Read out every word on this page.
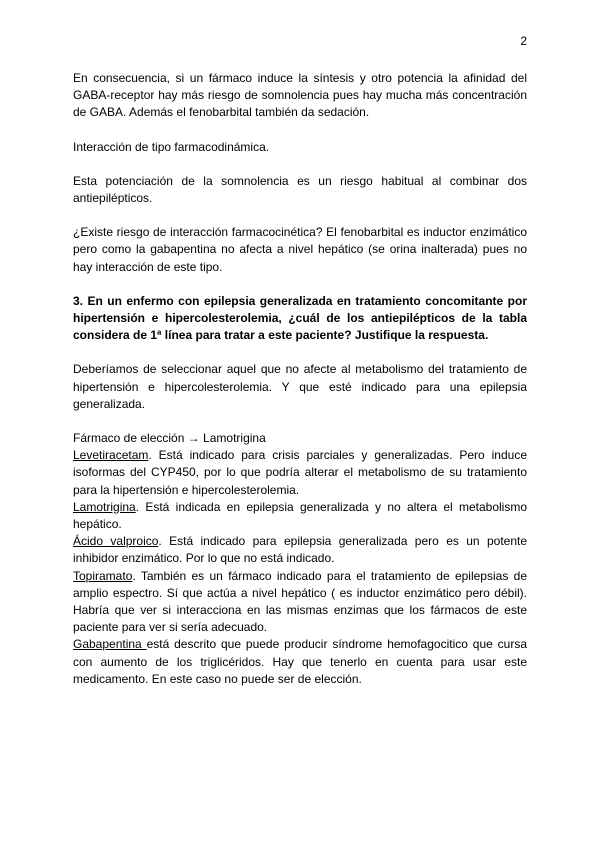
2

En consecuencia, si un fármaco induce la síntesis y otro potencia la afinidad del GABA-receptor hay más riesgo de somnolencia pues hay mucha más concentración de GABA. Además el fenobarbital también da sedación.

Interacción de tipo farmacodinámica.

Esta potenciación de la somnolencia es un riesgo habitual al combinar dos antiepilépticos.

¿Existe riesgo de interacción farmacocinética? El fenobarbital es inductor enzimático pero como la gabapentina no afecta a nivel hepático (se orina inalterada) pues no hay interacción de este tipo.

3. En un enfermo con epilepsia generalizada en tratamiento concomitante por hipertensión e hipercolesterolemia, ¿cuál de los antiepilépticos de la tabla considera de 1ª línea para tratar a este paciente? Justifique la respuesta.

Deberíamos de seleccionar aquel que no afecte al metabolismo del tratamiento de hipertensión e hipercolesterolemia. Y que esté indicado para una epilepsia generalizada.

Fármaco de elección → Lamotrigina

Levetiracetam. Está indicado para crisis parciales y generalizadas. Pero induce isoformas del CYP450, por lo que podría alterar el metabolismo de su tratamiento para la hipertensión e hipercolesterolemia.

Lamotrigina. Está indicada en epilepsia generalizada y no altera el metabolismo hepático.

Ácido valproico. Está indicado para epilepsia generalizada pero es un potente inhibidor enzimático. Por lo que no está indicado.

Topiramato. También es un fármaco indicado para el tratamiento de epilepsias de amplio espectro. Sí que actúa a nivel hepático ( es inductor enzimático pero débil). Habría que ver si interacciona en las mismas enzimas que los fármacos de este paciente para ver si sería adecuado.

Gabapentina está descrito que puede producir síndrome hemofagocitico que cursa con aumento de los triglicéridos. Hay que tenerlo en cuenta para usar este medicamento. En este caso no puede ser de elección.
